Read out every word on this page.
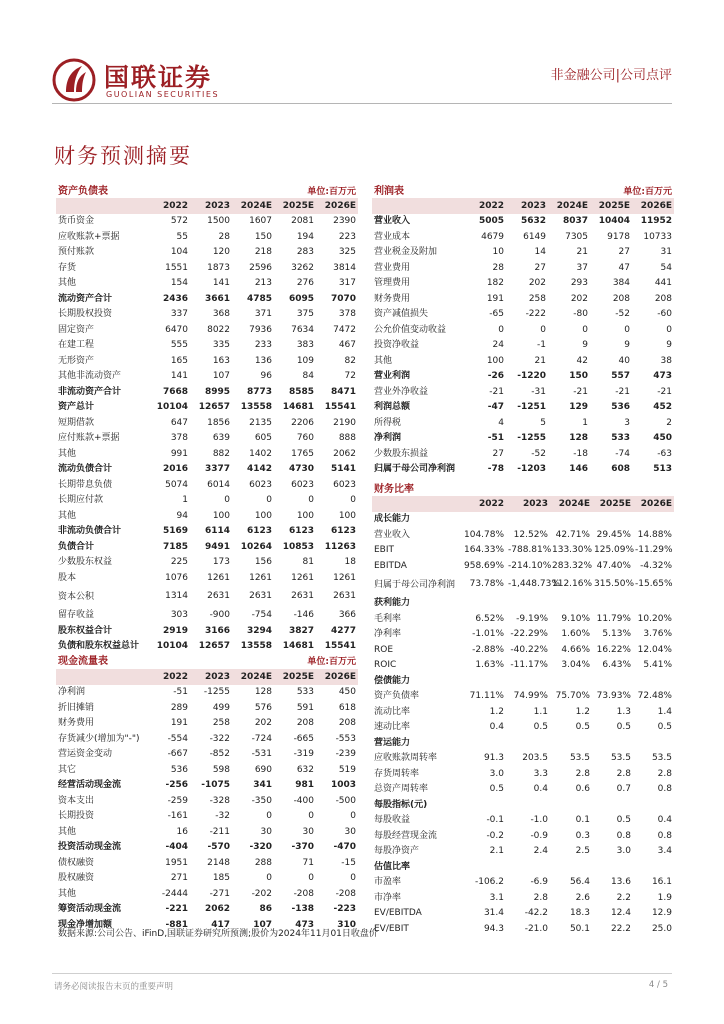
国联证券
GUOLIAN SECURITIES
非金融公司|公司点评
财务预测摘要
资产负债表	单位:百万元
	2022	2023	2024E	2025E	2026E
货币资金	572	1500	1607	2081	2390
应收账款+票据	55	28	150	194	223
预付账款	104	120	218	283	325
存货	1551	1873	2596	3262	3814
其他	154	141	213	276	317
流动资产合计	2436	3661	4785	6095	7070
长期股权投资	337	368	371	375	378
固定资产	6470	8022	7936	7634	7472
在建工程	555	335	233	383	467
无形资产	165	163	136	109	82
其他非流动资产	141	107	96	84	72
非流动资产合计	7668	8995	8773	8585	8471
资产总计	10104	12657	13558	14681	15541
短期借款	647	1856	2135	2206	2190
应付账款+票据	378	639	605	760	888
其他	991	882	1402	1765	2062
流动负债合计	2016	3377	4142	4730	5141
长期带息负债	5074	6014	6023	6023	6023
长期应付款	1	0	0	0	0
其他	94	100	100	100	100
非流动负债合计	5169	6114	6123	6123	6123
负债合计	7185	9491	10264	10853	11263
少数股东权益	225	173	156	81	18
股本	1076	1261	1261	1261	1261
资本公积	1314	2631	2631	2631	2631
留存收益	303	-900	-754	-146	366
股东权益合计	2919	3166	3294	3827	4277
负债和股东权益总计	10104	12657	13558	14681	15541
利润表	单位:百万元
	2022	2023	2024E	2025E	2026E
营业收入	5005	5632	8037	10404	11952
营业成本	4679	6149	7305	9178	10733
营业税金及附加	10	14	21	27	31
营业费用	28	27	37	47	54
管理费用	182	202	293	384	441
财务费用	191	258	202	208	208
资产减值损失	-65	-222	-80	-52	-60
公允价值变动收益	0	0	0	0	0
投资净收益	24	-1	9	9	9
其他	100	21	42	40	38
营业利润	-26	-1220	150	557	473
营业外净收益	-21	-31	-21	-21	-21
利润总额	-47	-1251	129	536	452
所得税	4	5	1	3	2
净利润	-51	-1255	128	533	450
少数股东损益	27	-52	-18	-74	-63
归属于母公司净利润	-78	-1203	146	608	513
财务比率
	2022	2023	2024E	2025E	2026E
成长能力					
营业收入	104.78%	12.52%	42.71%	29.45%	14.88%
EBIT	164.33%	-788.81%	133.30%	125.09%	-11.29%
EBITDA	958.69%	-214.10%	283.32%	47.40%	-4.32%
归属于母公司净利润	73.78%	-1,448.73%	112.16%	315.50%	-15.65%
获利能力					
毛利率	6.52%	-9.19%	9.10%	11.79%	10.20%
净利率	-1.01%	-22.29%	1.60%	5.13%	3.76%
ROE	-2.88%	-40.22%	4.66%	16.22%	12.04%
ROIC	1.63%	-11.17%	3.04%	6.43%	5.41%
偿债能力					
资产负债率	71.11%	74.99%	75.70%	73.93%	72.48%
流动比率	1.2	1.1	1.2	1.3	1.4
速动比率	0.4	0.5	0.5	0.5	0.5
营运能力					
应收账款周转率	91.3	203.5	53.5	53.5	53.5
存货周转率	3.0	3.3	2.8	2.8	2.8
总资产周转率	0.5	0.4	0.6	0.7	0.8
每股指标(元)					
每股收益	-0.1	-1.0	0.1	0.5	0.4
每股经营现金流	-0.2	-0.9	0.3	0.8	0.8
每股净资产	2.1	2.4	2.5	3.0	3.4
估值比率					
市盈率	-106.2	-6.9	56.4	13.6	16.1
市净率	3.1	2.8	2.6	2.2	1.9
EV/EBITDA	31.4	-42.2	18.3	12.4	12.9
EV/EBIT	94.3	-21.0	50.1	22.2	25.0
现金流量表	单位:百万元
	2022	2023	2024E	2025E	2026E
净利润	-51	-1255	128	533	450
折旧摊销	289	499	576	591	618
财务费用	191	258	202	208	208
存货减少(增加为"-")	-554	-322	-724	-665	-553
营运资金变动	-667	-852	-531	-319	-239
其它	536	598	690	632	519
经营活动现金流	-256	-1075	341	981	1003
资本支出	-259	-328	-350	-400	-500
长期投资	-161	-32	0	0	0
其他	16	-211	30	30	30
投资活动现金流	-404	-570	-320	-370	-470
债权融资	1951	2148	288	71	-15
股权融资	271	185	0	0	0
其他	-2444	-271	-202	-208	-208
筹资活动现金流	-221	2062	86	-138	-223
现金净增加额	-881	417	107	473	310
数据来源:公司公告、iFinD,国联证券研究所预测;股价为2024年11月01日收盘价
请务必阅读报告末页的重要声明	4 / 5
